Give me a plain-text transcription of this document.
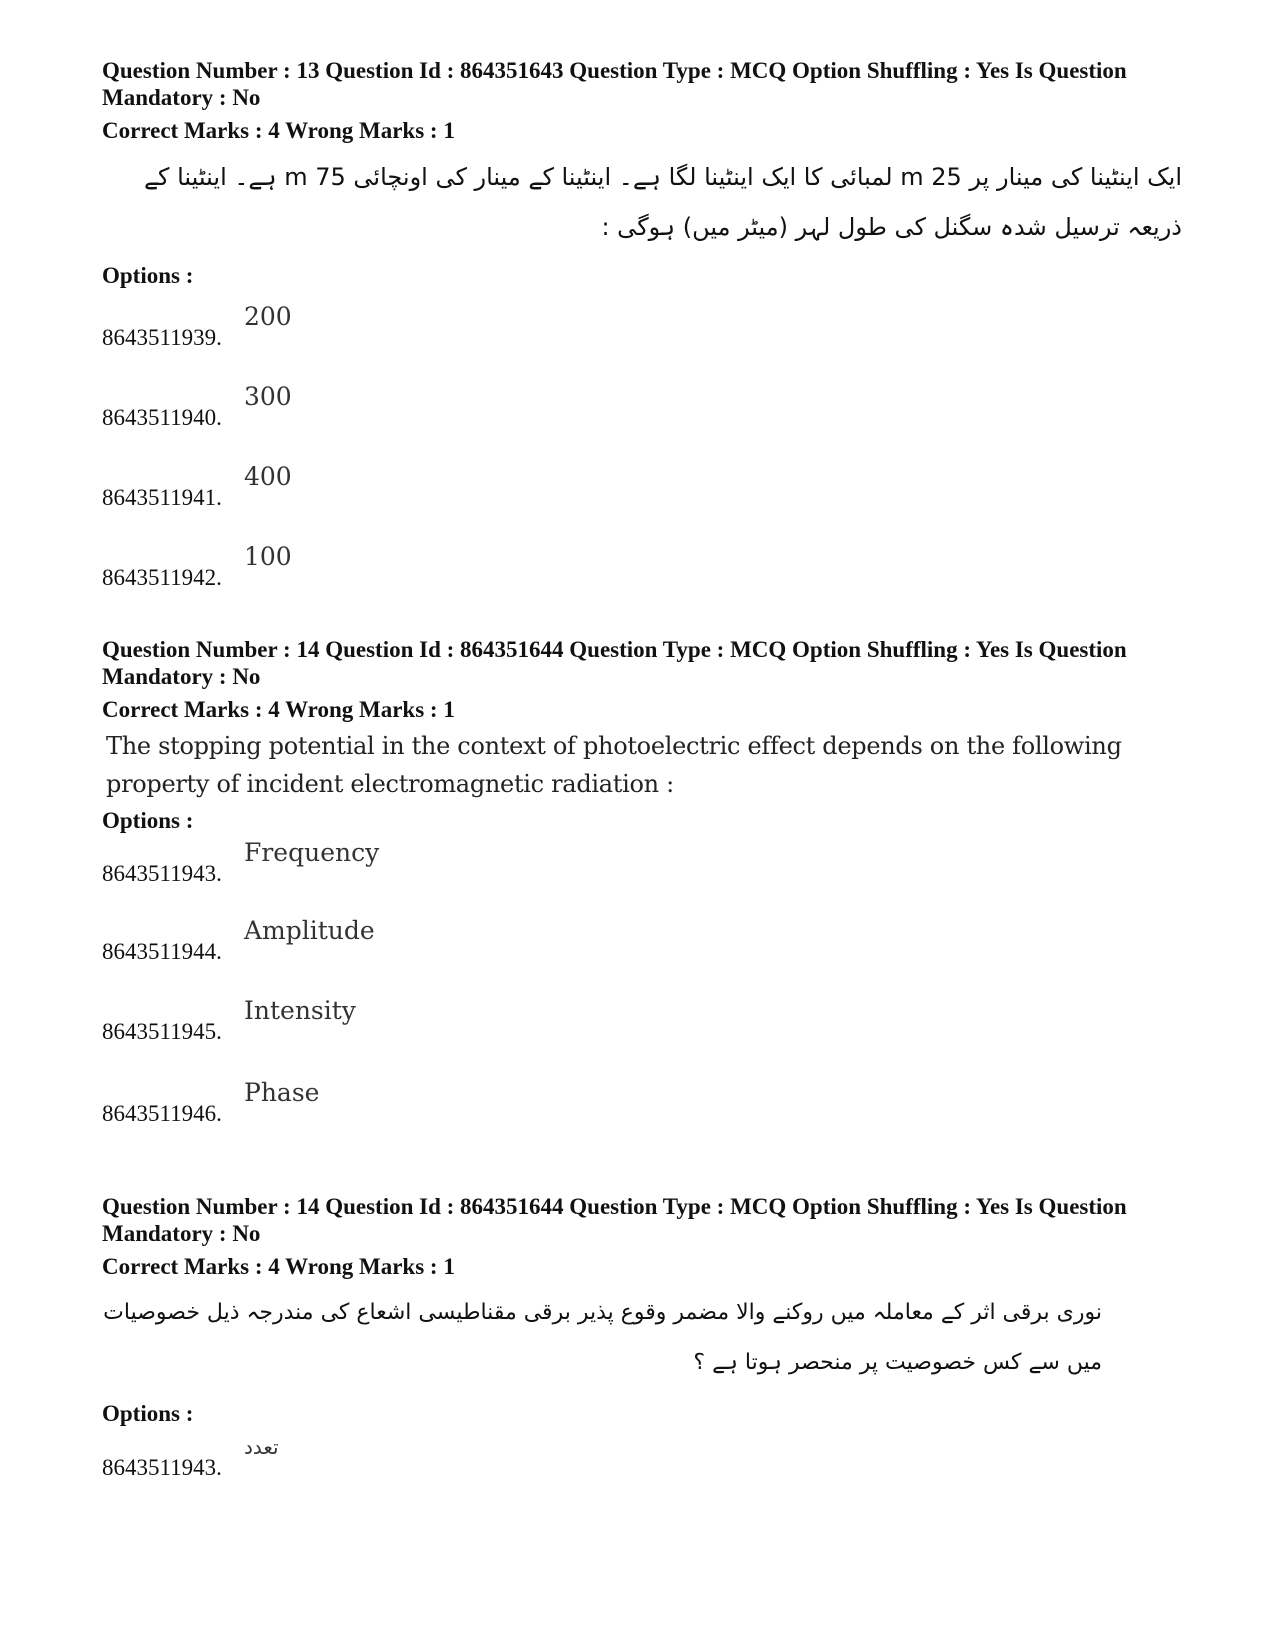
Question Number : 13 Question Id : 864351643 Question Type : MCQ Option Shuffling : Yes Is Question Mandatory : No
Correct Marks : 4 Wrong Marks : 1
ایک اینٹینا کی مینار پر 25 m لمبائی کا ایک اینٹینا لگا ہے۔ اینٹینا کے مینار کی اونچائی 75 m ہے۔ اینٹینا کے ذریعہ ترسیل شدہ سگنل کی طول لہر (میٹر میں) ہوگی :
Options :
8643511939.
200
8643511940.
300
8643511941.
400
8643511942.
100
Question Number : 14 Question Id : 864351644 Question Type : MCQ Option Shuffling : Yes Is Question Mandatory : No
Correct Marks : 4 Wrong Marks : 1
The stopping potential in the context of photoelectric effect depends on the following property of incident electromagnetic radiation :
Options :
8643511943.
Frequency
8643511944.
Amplitude
8643511945.
Intensity
8643511946.
Phase
Question Number : 14 Question Id : 864351644 Question Type : MCQ Option Shuffling : Yes Is Question Mandatory : No
Correct Marks : 4 Wrong Marks : 1
نوری برقی اثر کے معاملہ میں روکنے والا مضمر وقوع پذیر برقی مقناطیسی اشعاع کی مندرجہ ذیل خصوصیات میں سے کس خصوصیت پر منحصر ہوتا ہے ؟
Options :
8643511943.
تعدد
